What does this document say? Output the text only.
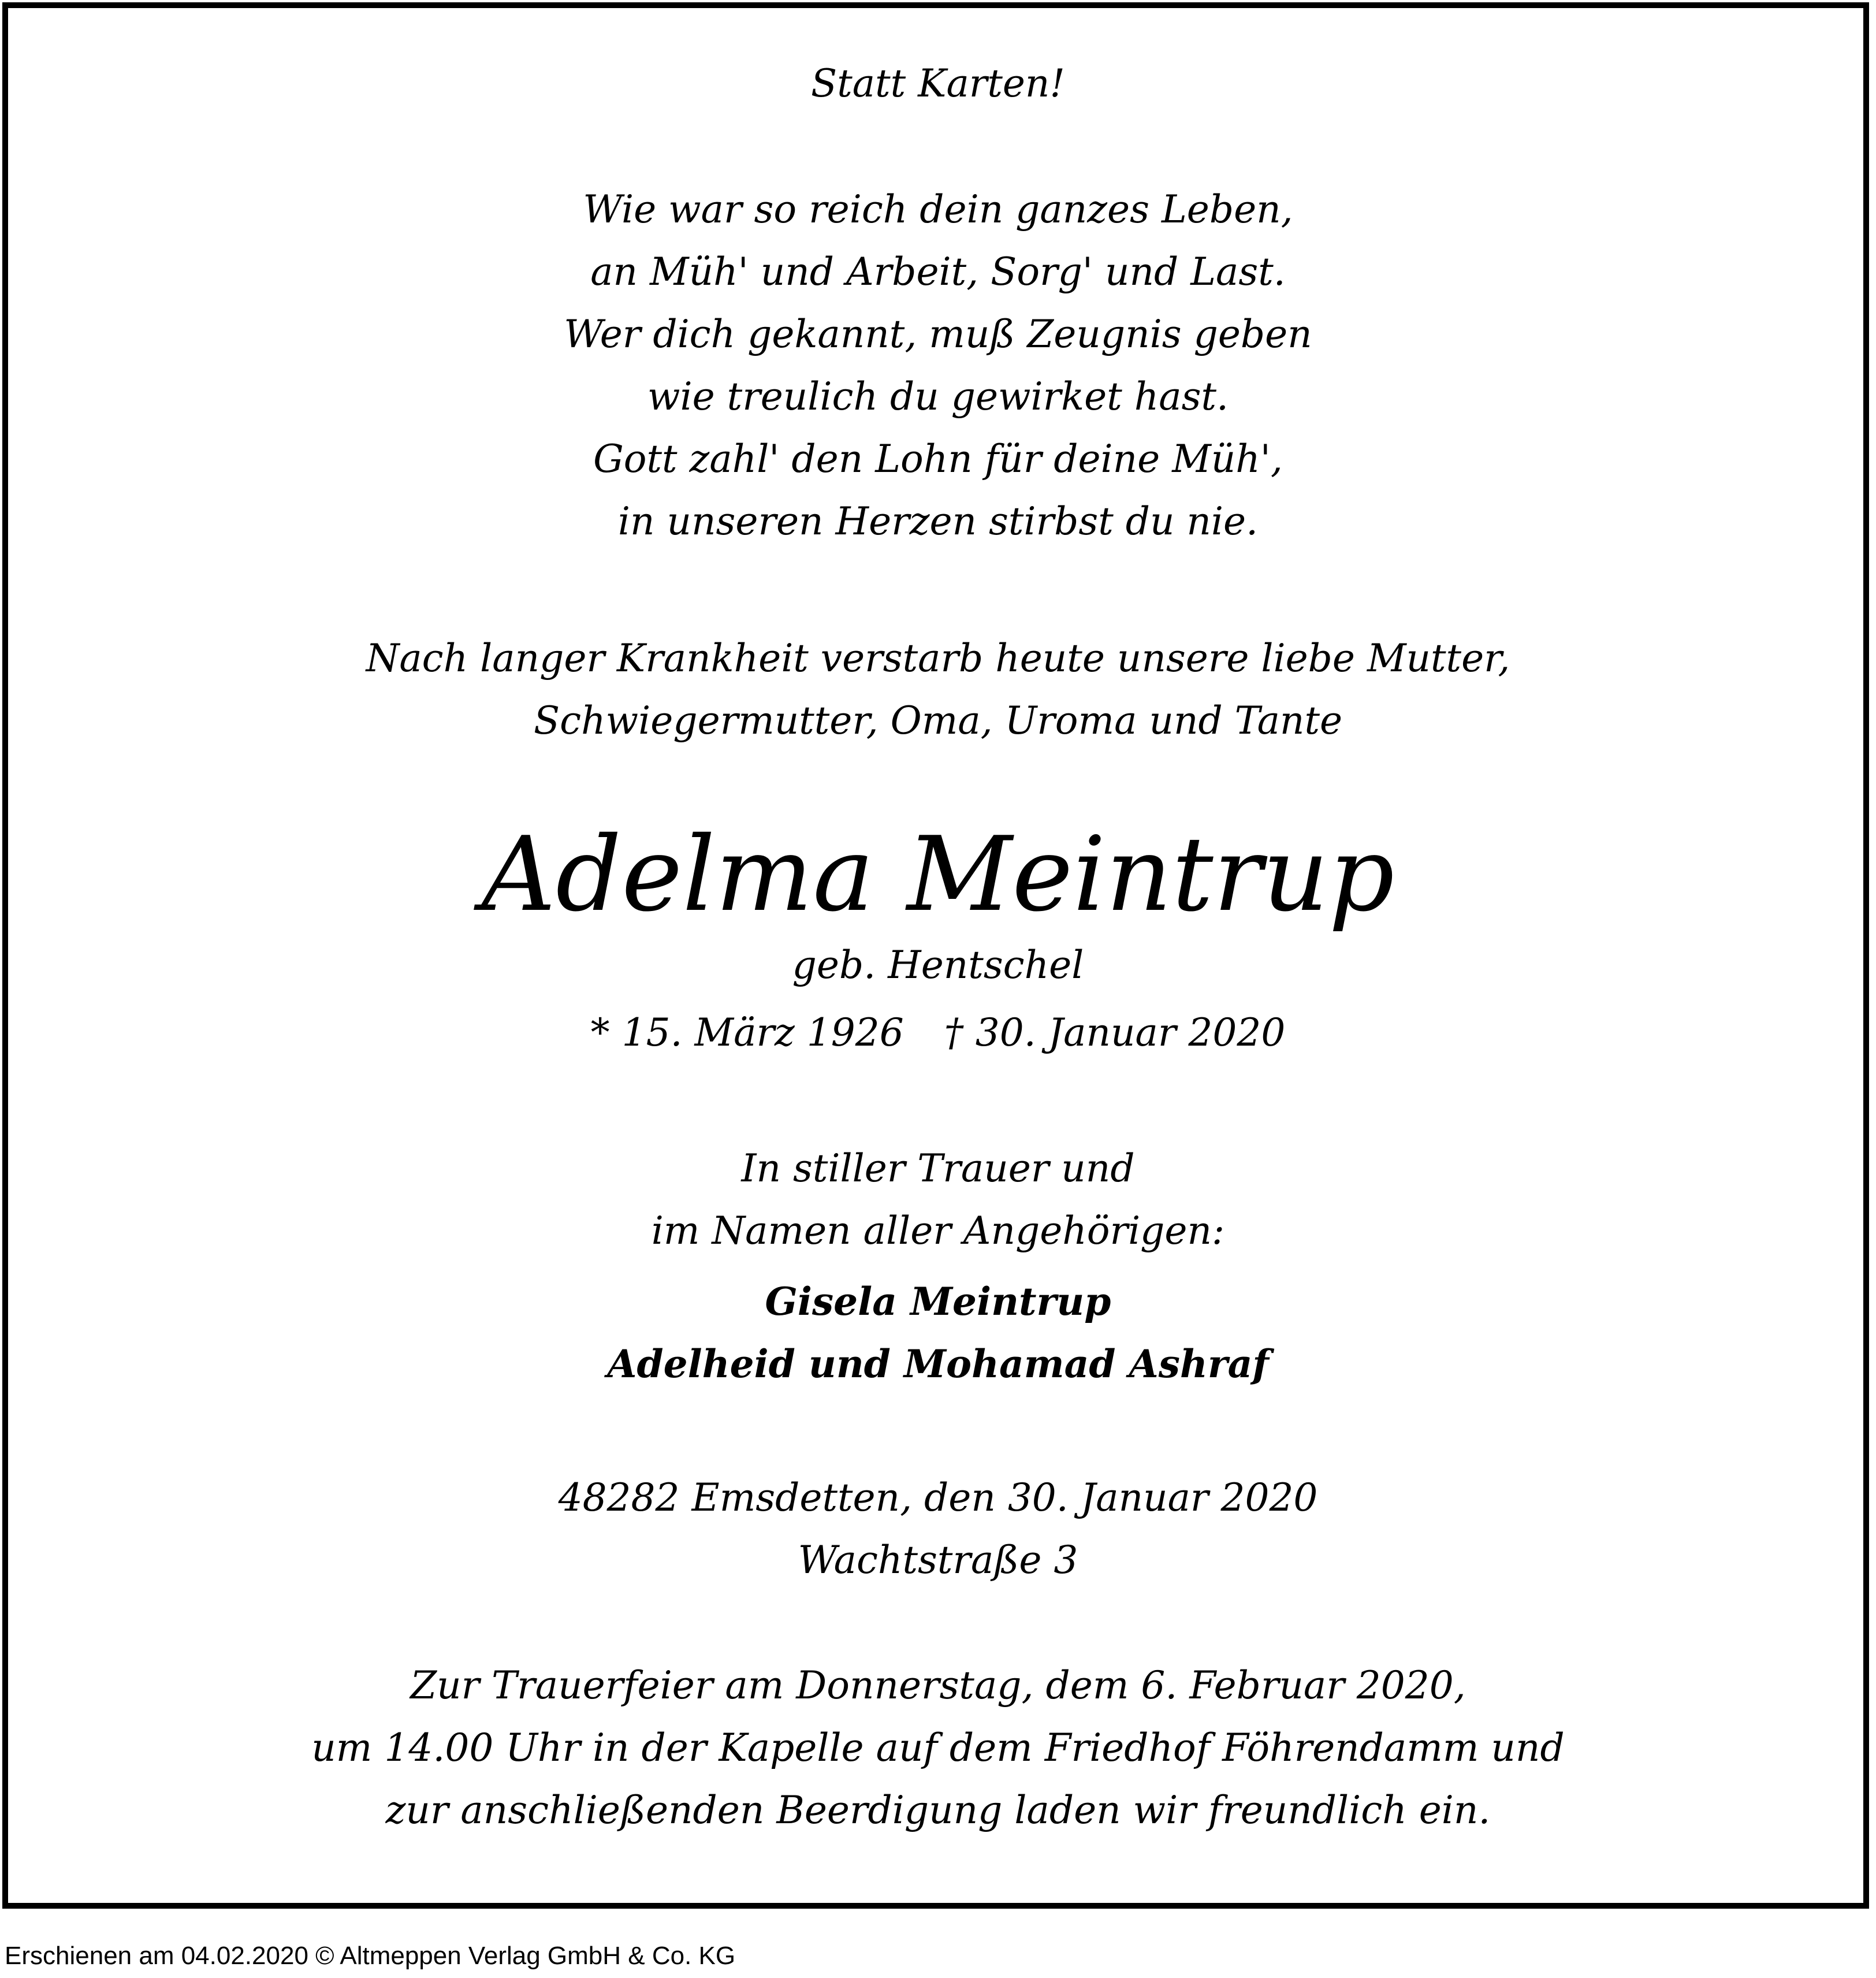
Statt Karten!

Wie war so reich dein ganzes Leben,

an Müh' und Arbeit, Sorg' und Last.

Wer dich gekannt, muß Zeugnis geben

wie treulich du gewirket hast.

Gott zahl' den Lohn für deine Müh',

in unseren Herzen stirbst du nie.

Nach langer Krankheit verstarb heute unsere liebe Mutter,

Schwiegermutter, Oma, Uroma und Tante

Adelma Meintrup

geb. Hentschel

* 15. März 1926 † 30. Januar 2020

In stiller Trauer und

im Namen aller Angehörigen:

Gisela Meintrup

Adelheid und Mohamad Ashraf

48282 Emsdetten, den 30. Januar 2020

Wachtstraße 3

Zur Trauerfeier am Donnerstag, dem 6. Februar 2020,

um 14.00 Uhr in der Kapelle auf dem Friedhof Föhrendamm und

zur anschließenden Beerdigung laden wir freundlich ein.

Erschienen am 04.02.2020 © Altmeppen Verlag GmbH & Co. KG
